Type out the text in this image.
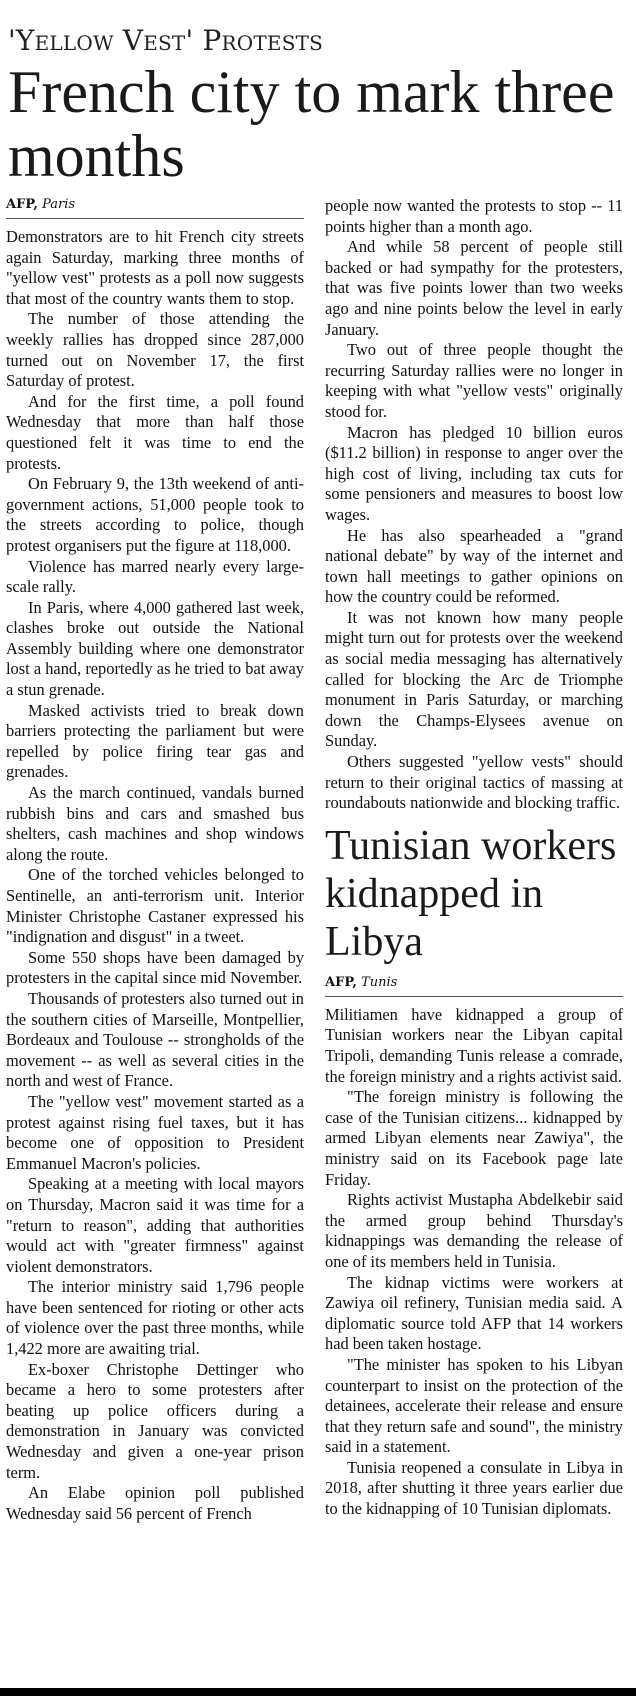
'Yellow Vest' Protests
French city to mark three months
AFP, Paris

Demonstrators are to hit French city streets again Saturday, marking three months of "yellow vest" protests as a poll now suggests that most of the country wants them to stop.

The number of those attending the weekly rallies has dropped since 287,000 turned out on November 17, the first Saturday of protest.

And for the first time, a poll found Wednesday that more than half those questioned felt it was time to end the protests.

On February 9, the 13th weekend of anti-government actions, 51,000 people took to the streets according to police, though protest organisers put the figure at 118,000.

Violence has marred nearly every large-scale rally.

In Paris, where 4,000 gathered last week, clashes broke out outside the National Assembly building where one demonstrator lost a hand, reportedly as he tried to bat away a stun grenade.

Masked activists tried to break down barriers protecting the parliament but were repelled by police firing tear gas and grenades.

As the march continued, vandals burned rubbish bins and cars and smashed bus shelters, cash machines and shop windows along the route.

One of the torched vehicles belonged to Sentinelle, an anti-terrorism unit. Interior Minister Christophe Castaner expressed his "indignation and disgust" in a tweet.

Some 550 shops have been damaged by protesters in the capital since mid November.

Thousands of protesters also turned out in the southern cities of Marseille, Montpellier, Bordeaux and Toulouse -- strongholds of the movement -- as well as several cities in the north and west of France.

The "yellow vest" movement started as a protest against rising fuel taxes, but it has become one of opposition to President Emmanuel Macron's policies.

Speaking at a meeting with local mayors on Thursday, Macron said it was time for a "return to reason", adding that authorities would act with "greater firmness" against violent demonstrators.

The interior ministry said 1,796 people have been sentenced for rioting or other acts of violence over the past three months, while 1,422 more are awaiting trial.

Ex-boxer Christophe Dettinger who became a hero to some protesters after beating up police officers during a demonstration in January was convicted Wednesday and given a one-year prison term.

An Elabe opinion poll published Wednesday said 56 percent of French

people now wanted the protests to stop -- 11 points higher than a month ago.

And while 58 percent of people still backed or had sympathy for the protesters, that was five points lower than two weeks ago and nine points below the level in early January.

Two out of three people thought the recurring Saturday rallies were no longer in keeping with what "yellow vests" originally stood for.

Macron has pledged 10 billion euros ($11.2 billion) in response to anger over the high cost of living, including tax cuts for some pensioners and measures to boost low wages.

He has also spearheaded a "grand national debate" by way of the internet and town hall meetings to gather opinions on how the country could be reformed.

It was not known how many people might turn out for protests over the weekend as social media messaging has alternatively called for blocking the Arc de Triomphe monument in Paris Saturday, or marching down the Champs-Elysees avenue on Sunday.

Others suggested "yellow vests" should return to their original tactics of massing at roundabouts nationwide and blocking traffic.

Tunisian workers kidnapped in Libya
AFP, Tunis

Militiamen have kidnapped a group of Tunisian workers near the Libyan capital Tripoli, demanding Tunis release a comrade, the foreign ministry and a rights activist said.

"The foreign ministry is following the case of the Tunisian citizens... kidnapped by armed Libyan elements near Zawiya", the ministry said on its Facebook page late Friday.

Rights activist Mustapha Abdelkebir said the armed group behind Thursday's kidnappings was demanding the release of one of its members held in Tunisia.

The kidnap victims were workers at Zawiya oil refinery, Tunisian media said. A diplomatic source told AFP that 14 workers had been taken hostage.

"The minister has spoken to his Libyan counterpart to insist on the protection of the detainees, accelerate their release and ensure that they return safe and sound", the ministry said in a statement.

Tunisia reopened a consulate in Libya in 2018, after shutting it three years earlier due to the kidnapping of 10 Tunisian diplomats.
